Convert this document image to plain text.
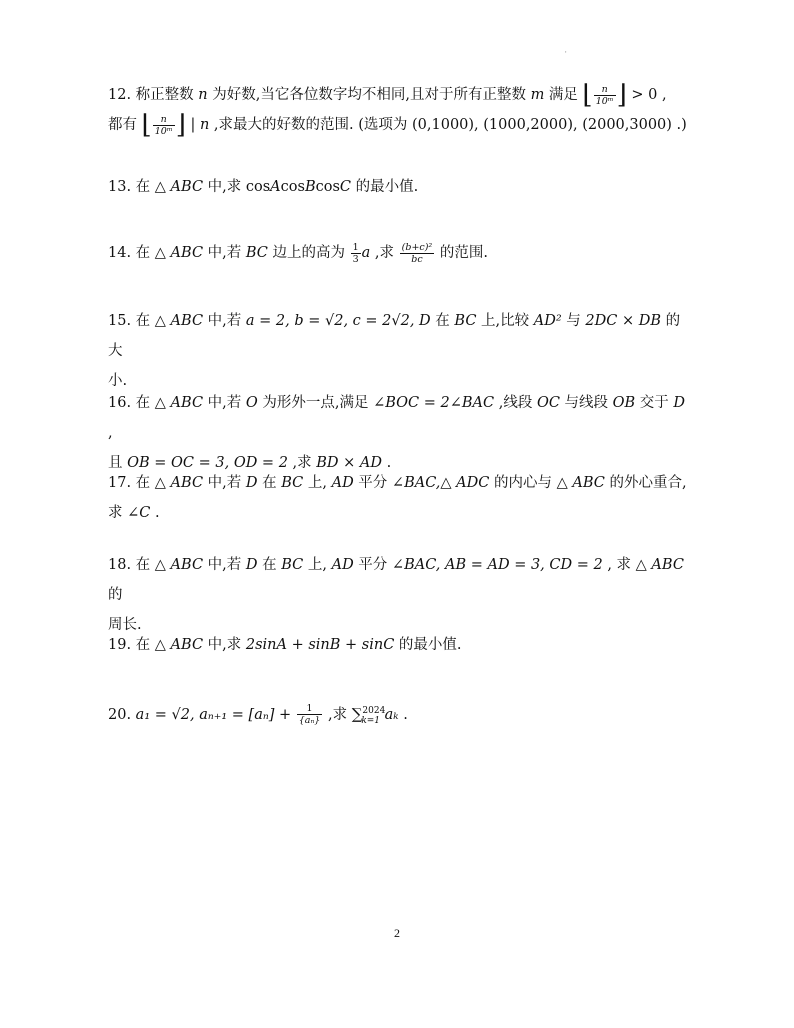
'
12. 称正整数 n 为好数,当它各位数字均不相同,且对于所有正整数 m 满足 ⌊ $\frac{n}{\text{10ᵐ}}$ ⌋ > 0 ,
都有 ⌊ $\frac{n}{\text{10ᵐ}}$ ⌋ | n ,求最大的好数的范围. (选项为 (0,1000), (1000,2000), (2000,3000) .)
13. 在 △ ABC 中,求 cosAcosBcosC 的最小值.
14. 在 △ ABC 中,若 BC 边上的高为 $\frac{1}{3}$ a ,求 $\frac{\text{(b+c)²}}{bc}$ 的范围.
15. 在 △ ABC 中,若 a = 2, b = √2, c = 2√2, D 在 BC 上,比较 AD² 与 2DC × DB 的大
小.
16. 在 △ ABC 中,若 O 为形外一点,满足 ∠BOC = 2∠BAC ,线段 OC 与线段 OB 交于 D ,
且 OB = OC = 3, OD = 2 ,求 BD × AD .
17. 在 △ ABC 中,若 D 在 BC 上, AD 平分 ∠BAC,△ ADC 的内心与 △ ABC 的外心重合,
求 ∠C .
18. 在 △ ABC 中,若 D 在 BC 上, AD 平分 ∠BAC, AB = AD = 3, CD = 2 , 求 △ ABC 的
周长.
19. 在 △ ABC 中,求 2sinA + sinB + sinC 的最小值.
20. a₁ = √2, $a_{n+1} = [a_n] + \frac{1}{\text{\{aₙ\}}}$ ,求 ∑$^{2024}_{k=1}$ aₖ .
2
